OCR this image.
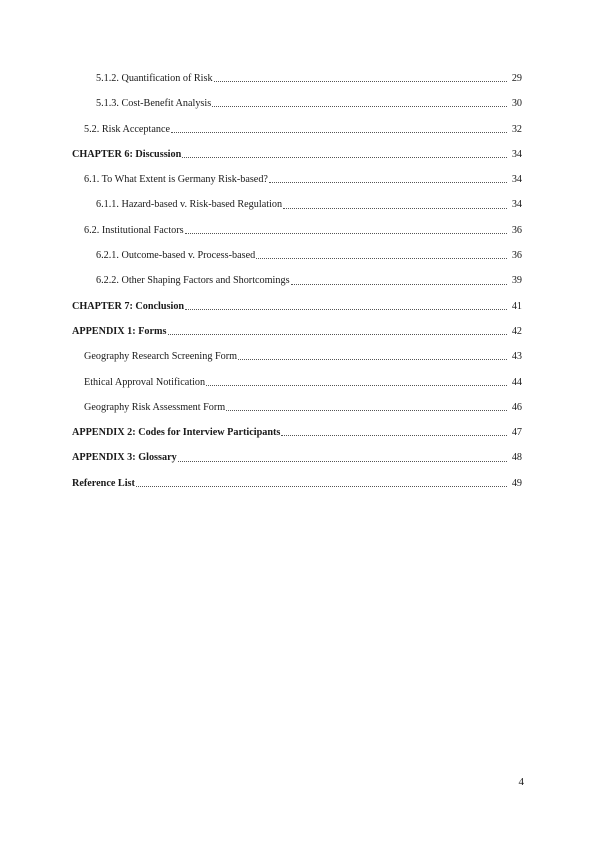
5.1.2. Quantification of Risk	29
5.1.3. Cost-Benefit Analysis	30
5.2. Risk Acceptance	32
CHAPTER 6: Discussion	34
6.1. To What Extent is Germany Risk-based?	34
6.1.1. Hazard-based v. Risk-based Regulation	34
6.2. Institutional Factors	36
6.2.1. Outcome-based v. Process-based	36
6.2.2. Other Shaping Factors and Shortcomings	39
CHAPTER 7: Conclusion	41
APPENDIX 1: Forms	42
Geography Research Screening Form	43
Ethical Approval Notification	44
Geography Risk Assessment Form	46
APPENDIX 2: Codes for Interview Participants	47
APPENDIX 3: Glossary	48
Reference List	49
4
